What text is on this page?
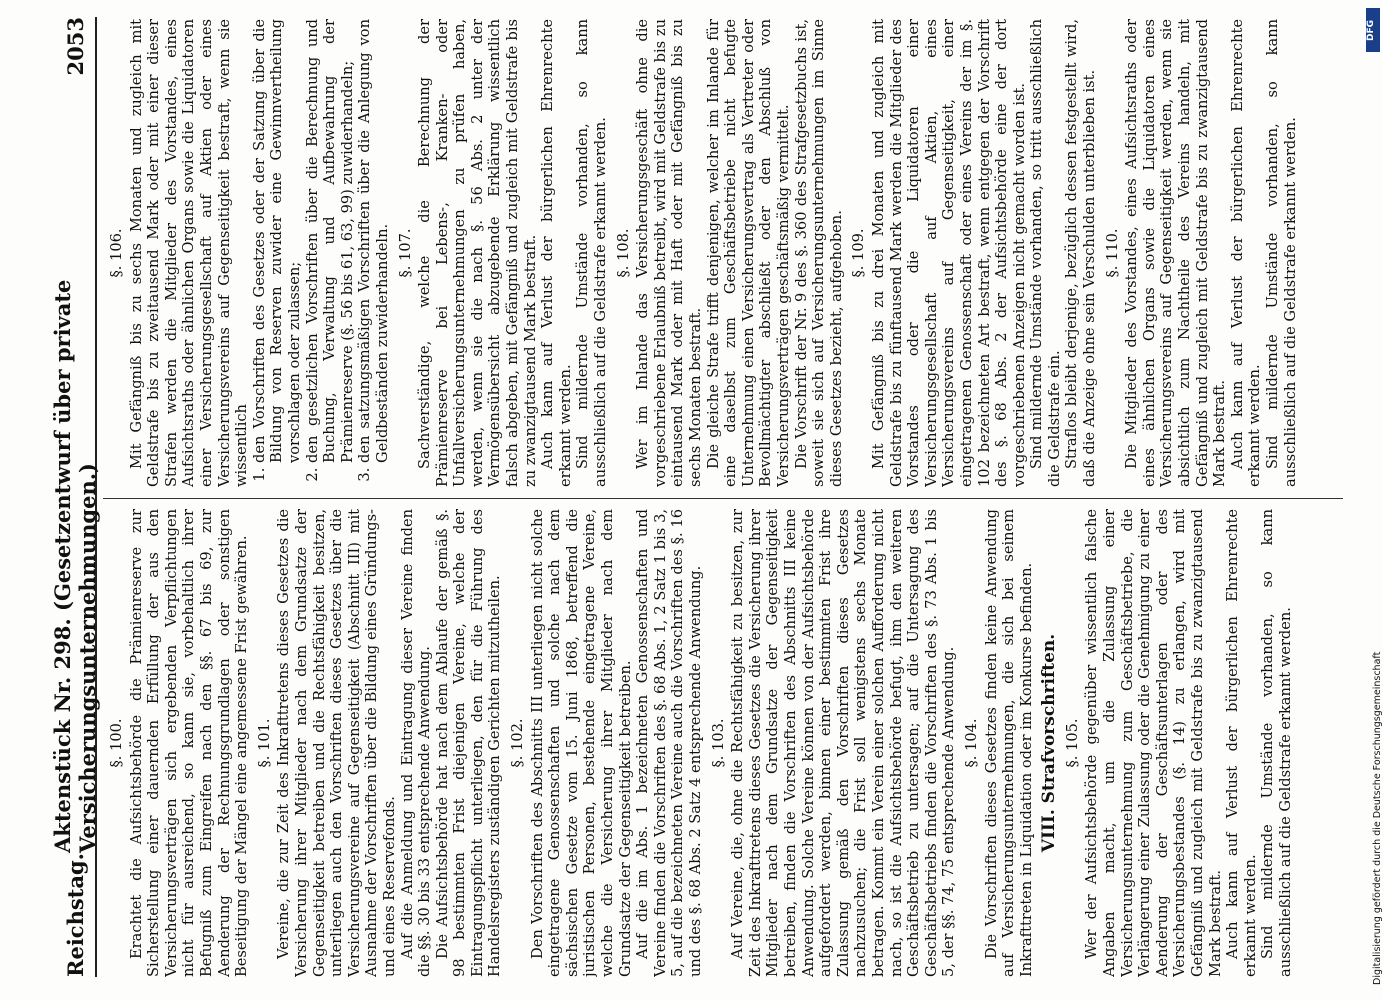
Reichstag.
Aktenstück Nr. 298. (Gesetzentwurf über private Versicherungsunternehmungen.)
2053
§. 100. Erachtet die Aufsichtsbehörde die Prämienreserve zur Sicherstellung einer dauernden Erfüllung der aus den Versicherungsverträgen sich ergebenden Verpflichtungen nicht für ausreichend, so kann sie, vorbehaltlich ihrer Befugniß zum Eingreifen nach den §§. 67 bis 69, zur Aenderung der Rechnungsgrundlagen oder sonstigen Beseitigung der Mängel eine angemessene Frist gewähren. §. 101. Vereine, die zur Zeit des Inkrafttretens dieses Gesetzes die Versicherung ihrer Mitglieder nach dem Grundsatze der Gegenseitigkeit betreiben und die Rechtsfähigkeit besitzen, unterliegen auch den Vorschriften dieses Gesetzes über die Versicherungsvereine auf Gegenseitigkeit (Abschnitt III) mit Ausnahme der Vorschriften über die Bildung eines Gründungs- und eines Reservefonds. Auf die Anmeldung und Eintragung dieser Vereine finden die §§. 30 bis 33 entsprechende Anwendung. Die Aufsichtsbehörde hat nach dem Ablaufe der gemäß §. 98 bestimmten Frist diejenigen Vereine, welche der Eintragungspflicht unterliegen, den für die Führung des Handelsregisters zuständigen Gerichten mitzutheilen. §. 102. Den Vorschriften des Abschnitts III unterliegen nicht solche eingetragene Genossenschaften und solche nach dem sächsischen Gesetze vom 15. Juni 1868, betreffend die juristischen Personen, bestehende eingetragene Vereine, welche die Versicherung ihrer Mitglieder nach dem Grundsatze der Gegenseitigkeit betreiben. Auf die im Abs. 1 bezeichneten Genossenschaften und Vereine finden die Vorschriften des §. 68 Abs. 1, 2 Satz 1 bis 3, 5, auf die bezeichneten Vereine auch die Vorschriften des §. 16 und des §. 68 Abs. 2 Satz 4 entsprechende Anwendung. §. 103. Auf Vereine, die, ohne die Rechtsfähigkeit zu besitzen, zur Zeit des Inkrafttretens dieses Gesetzes die Versicherung ihrer Mitglieder nach dem Grundsatze der Gegenseitigkeit betreiben, finden die Vorschriften des Abschnitts III keine Anwendung. Solche Vereine können von der Aufsichtsbehörde aufgefordert werden, binnen einer bestimmten Frist ihre Zulassung gemäß den Vorschriften dieses Gesetzes nachzusuchen; die Frist soll wenigstens sechs Monate betragen. Kommt ein Verein einer solchen Aufforderung nicht nach, so ist die Aufsichtsbehörde befugt, ihm den weiteren Geschäftsbetrieb zu untersagen; auf die Untersagung des Geschäftsbetriebs finden die Vorschriften des §. 73 Abs. 1 bis 5, der §§. 74, 75 entsprechende Anwendung. §. 104. Die Vorschriften dieses Gesetzes finden keine Anwendung auf Versicherungsunternehmungen, die sich bei seinem Inkrafttreten in Liquidation oder im Konkurse befinden. VIII. Strafvorschriften. §. 105. Wer der Aufsichtsbehörde gegenüber wissentlich falsche Angaben macht, um die Zulassung einer Versicherungsunternehmung zum Geschäftsbetriebe, die Verlängerung einer Zulassung oder die Genehmigung zu einer Aenderung der Geschäftsunterlagen oder des Versicherungsbestandes (§. 14) zu erlangen, wird mit Gefängniß und zugleich mit Geldstrafe bis zu zwanzigtausend Mark bestraft. Auch kann auf Verlust der bürgerlichen Ehrenrechte erkannt werden. Sind mildernde Umstände vorhanden, so kann ausschließlich auf die Geldstrafe erkannt werden.

§. 106. Mit Gefängniß bis zu sechs Monaten und zugleich mit Geldstrafe bis zu zweitausend Mark oder mit einer dieser Strafen werden die Mitglieder des Vorstandes, eines Aufsichtsraths oder ähnlichen Organs sowie die Liquidatoren einer Versicherungsgesellschaft auf Aktien oder eines Versicherungsvereins auf Gegenseitigkeit bestraft, wenn sie wissentlich 1. den Vorschriften des Gesetzes oder der Satzung über die Bildung von Reserven zuwider eine Gewinnvertheilung vorschlagen oder zulassen; 2. den gesetzlichen Vorschriften über die Berechnung und Buchung, Verwaltung und Aufbewahrung der Prämienreserve (§. 56 bis 61, 63, 99) zuwiderhandeln; 3. den satzungsmäßigen Vorschriften über die Anlegung von Geldbeständen zuwiderhandeln. §. 107. Sachverständige, welche die Berechnung der Prämienreserve bei Lebens-, Kranken- oder Unfallversicherungsunternehmungen zu prüfen haben, werden, wenn sie die nach §. 56 Abs. 2 unter der Vermögensübersicht abzugebende Erklärung wissentlich falsch abgeben, mit Gefängniß und zugleich mit Geldstrafe bis zu zwanzigtausend Mark bestraft. Auch kann auf Verlust der bürgerlichen Ehrenrechte erkannt werden. Sind mildernde Umstände vorhanden, so kann ausschließlich auf die Geldstrafe erkannt werden. §. 108. Wer im Inlande das Versicherungsgeschäft ohne die vorgeschriebene Erlaubniß betreibt, wird mit Geldstrafe bis zu eintausend Mark oder mit Haft oder mit Gefängniß bis zu sechs Monaten bestraft. Die gleiche Strafe trifft denjenigen, welcher im Inlande für eine daselbst zum Geschäftsbetriebe nicht befugte Unternehmung einen Versicherungsvertrag als Vertreter oder Bevollmächtigter abschließt oder den Abschluß von Versicherungsverträgen geschäftsmäßig vermittelt. Die Vorschrift der Nr. 9 des §. 360 des Strafgesetzbuchs ist, soweit sie sich auf Versicherungsunternehmungen im Sinne dieses Gesetzes bezieht, aufgehoben. §. 109. Mit Gefängniß bis zu drei Monaten und zugleich mit Geldstrafe bis zu fünftausend Mark werden die Mitglieder des Vorstandes oder die Liquidatoren einer Versicherungsgesellschaft auf Aktien, eines Versicherungsvereins auf Gegenseitigkeit, einer eingetragenen Genossenschaft oder eines Vereins der im §. 102 bezeichneten Art bestraft, wenn entgegen der Vorschrift des §. 68 Abs. 2 der Aufsichtsbehörde eine der dort vorgeschriebenen Anzeigen nicht gemacht worden ist. Sind mildernde Umstände vorhanden, so tritt ausschließlich die Geldstrafe ein. Straflos bleibt derjenige, bezüglich dessen festgestellt wird, daß die Anzeige ohne sein Verschulden unterblieben ist. §. 110. Die Mitglieder des Vorstandes, eines Aufsichtsraths oder eines ähnlichen Organs sowie die Liquidatoren eines Versicherungsvereins auf Gegenseitigkeit werden, wenn sie absichtlich zum Nachtheile des Vereins handeln, mit Gefängniß und zugleich mit Geldstrafe bis zu zwanzigtausend Mark bestraft. Auch kann auf Verlust der bürgerlichen Ehrenrechte erkannt werden. Sind mildernde Umstände vorhanden, so kann ausschließlich auf die Geldstrafe erkannt werden.

Digitalisierung gefördert durch die Deutsche Forschungsgemeinschaft
DFG
